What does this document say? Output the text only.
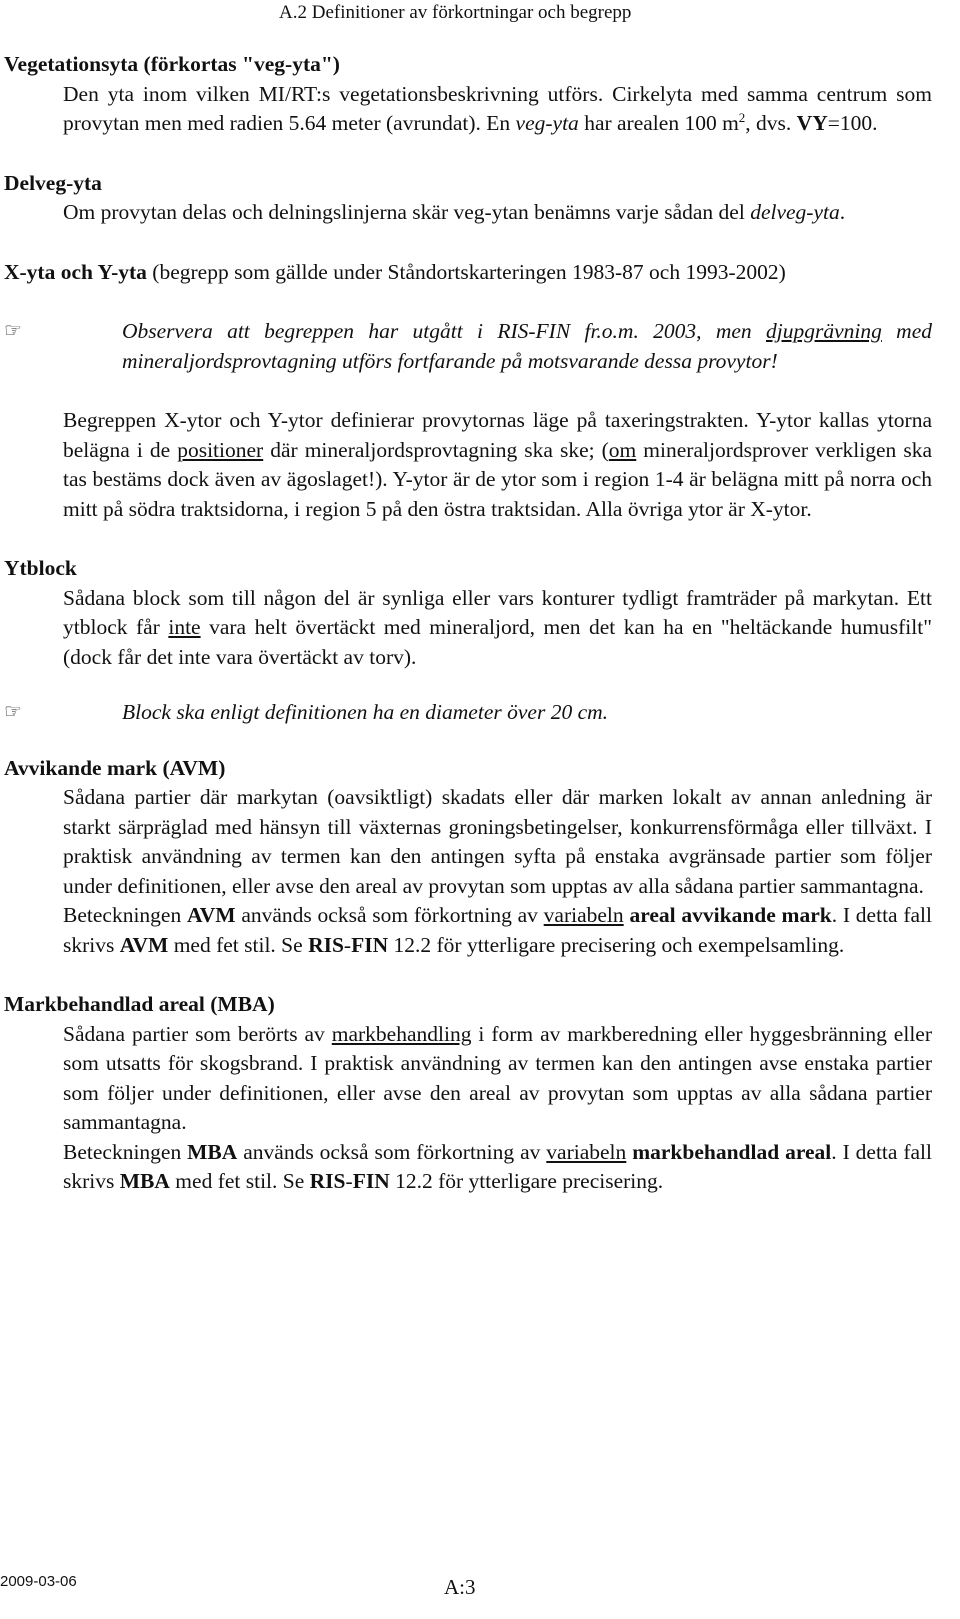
A.2 Definitioner av förkortningar och begrepp

Vegetationsyta (förkortas "veg-yta")

Den yta inom vilken MI/RT:s vegetationsbeskrivning utförs. Cirkelyta med samma centrum som provytan men med radien 5.64 meter (avrundat). En veg-yta har arealen 100 $m^2$, dvs. VY=100.

Delveg-yta

Om provytan delas och delningslinjerna skär veg-ytan benämns varje sådan del delveg-yta.

X-yta och Y-yta (begrepp som gällde under Ståndortskarteringen 1983-87 och 1993-2002)

☞	Observera att begreppen har utgått i RIS-FIN fr.o.m. 2003, men djupgrävning med mineraljordsprovtagning utförs fortfarande på motsvarande dessa provytor!

Begreppen X-ytor och Y-ytor definierar provytornas läge på taxeringstrakten. Y-ytor kallas ytorna belägna i de positioner där mineraljordsprovtagning ska ske; (om mineraljordsprover verkligen ska tas bestäms dock även av ägoslaget!). Y-ytor är de ytor som i region 1-4 är belägna mitt på norra och mitt på södra traktsidorna, i region 5 på den östra traktsidan. Alla övriga ytor är X-ytor.

Ytblock

Sådana block som till någon del är synliga eller vars konturer tydligt framträder på markytan. Ett ytblock får inte vara helt övertäckt med mineraljord, men det kan ha en "heltäckande humusfilt" (dock får det inte vara övertäckt av torv).

☞	Block ska enligt definitionen ha en diameter över 20 cm.

Avvikande mark (AVM)

Sådana partier där markytan (oavsiktligt) skadats eller där marken lokalt av annan anledning är starkt särpräglad med hänsyn till växternas groningsbetingelser, konkurrensförmåga eller tillväxt. I praktisk användning av termen kan den antingen syfta på enstaka avgränsade partier som följer under definitionen, eller avse den areal av provytan som upptas av alla sådana partier sammantagna.

Beteckningen AVM används också som förkortning av variabeln areal avvikande mark. I detta fall skrivs AVM med fet stil. Se RIS-FIN 12.2 för ytterligare precisering och exempelsamling.

Markbehandlad areal (MBA)

Sådana partier som berörts av markbehandling i form av markberedning eller hyggesbränning eller som utsatts för skogsbrand. I praktisk användning av termen kan den antingen avse enstaka partier som följer under definitionen, eller avse den areal av provytan som upptas av alla sådana partier sammantagna.

Beteckningen MBA används också som förkortning av variabeln markbehandlad areal. I detta fall skrivs MBA med fet stil. Se RIS-FIN 12.2 för ytterligare precisering.

2009-03-06	A:3
